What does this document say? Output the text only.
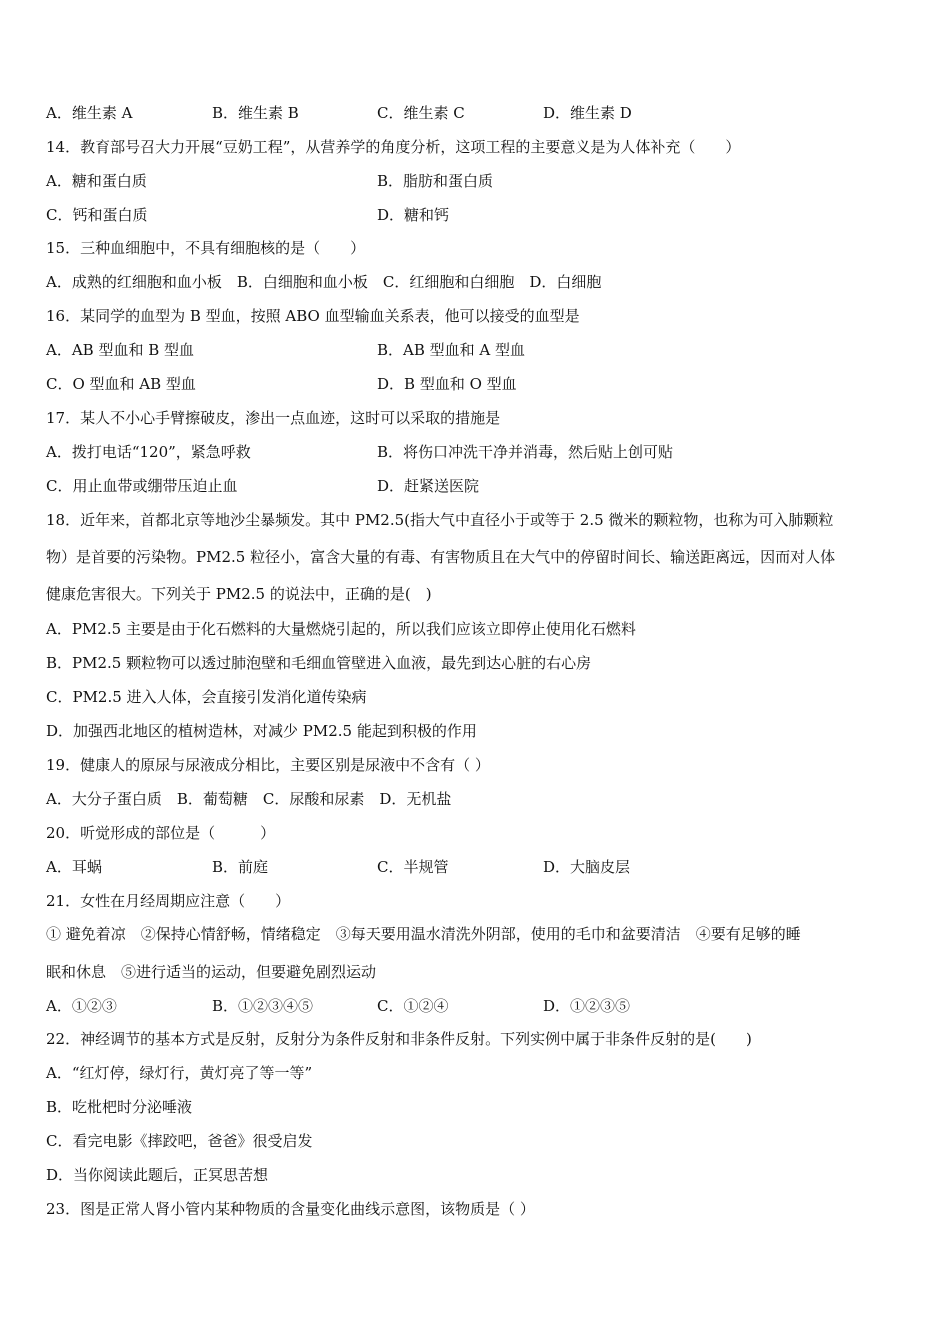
A．维生素 A	B．维生素 B	C．维生素 C	D．维生素 D
14．教育部号召大力开展“豆奶工程”，从营养学的角度分析，这项工程的主要意义是为人体补充（　　）
A．糖和蛋白质	B．脂肪和蛋白质
C．钙和蛋白质	D．糖和钙
15．三种血细胞中，不具有细胞核的是（　　）
A．成熟的红细胞和血小板　B．白细胞和血小板　C．红细胞和白细胞　D．白细胞
16．某同学的血型为 B 型血，按照 ABO 血型输血关系表，他可以接受的血型是
A．AB 型血和 B 型血	B．AB 型血和 A 型血
C．O 型血和 AB 型血	D．B 型血和 O 型血
17．某人不小心手臂擦破皮，渗出一点血迹，这时可以采取的措施是
A．拨打电话“120”，紧急呼救	B．将伤口冲洗干净并消毒，然后贴上创可贴
C．用止血带或绷带压迫止血	D．赶紧送医院
18．近年来，首都北京等地沙尘暴频发。其中 PM2.5(指大气中直径小于或等于 2.5 微米的颗粒物，也称为可入肺颗粒
物）是首要的污染物。PM2.5 粒径小，富含大量的有毒、有害物质且在大气中的停留时间长、输送距离远，因而对人体
健康危害很大。下列关于 PM2.5 的说法中，正确的是(　)
A．PM2.5 主要是由于化石燃料的大量燃烧引起的，所以我们应该立即停止使用化石燃料
B．PM2.5 颗粒物可以透过肺泡壁和毛细血管壁进入血液，最先到达心脏的右心房
C．PM2.5 进入人体，会直接引发消化道传染病
D．加强西北地区的植树造林，对减少 PM2.5 能起到积极的作用
19．健康人的原尿与尿液成分相比，主要区别是尿液中不含有（ ）
A．大分子蛋白质　B．葡萄糖　C．尿酸和尿素　D．无机盐
20．听觉形成的部位是（　　　）
A．耳蜗	B．前庭	C．半规管	D．大脑皮层
21．女性在月经周期应注意（　　）
① 避免着凉　②保持心情舒畅，情绪稳定　③每天要用温水清洗外阴部，使用的毛巾和盆要清洁　④要有足够的睡
眠和休息　⑤进行适当的运动，但要避免剧烈运动
A．①②③	B．①②③④⑤	C．①②④	D．①②③⑤
22．神经调节的基本方式是反射，反射分为条件反射和非条件反射。下列实例中属于非条件反射的是(　　)
A．“红灯停，绿灯行，黄灯亮了等一等”
B．吃枇杷时分泌唾液
C．看完电影《摔跤吧，爸爸》很受启发
D．当你阅读此题后，正冥思苦想
23．图是正常人肾小管内某种物质的含量变化曲线示意图，该物质是（ ）
